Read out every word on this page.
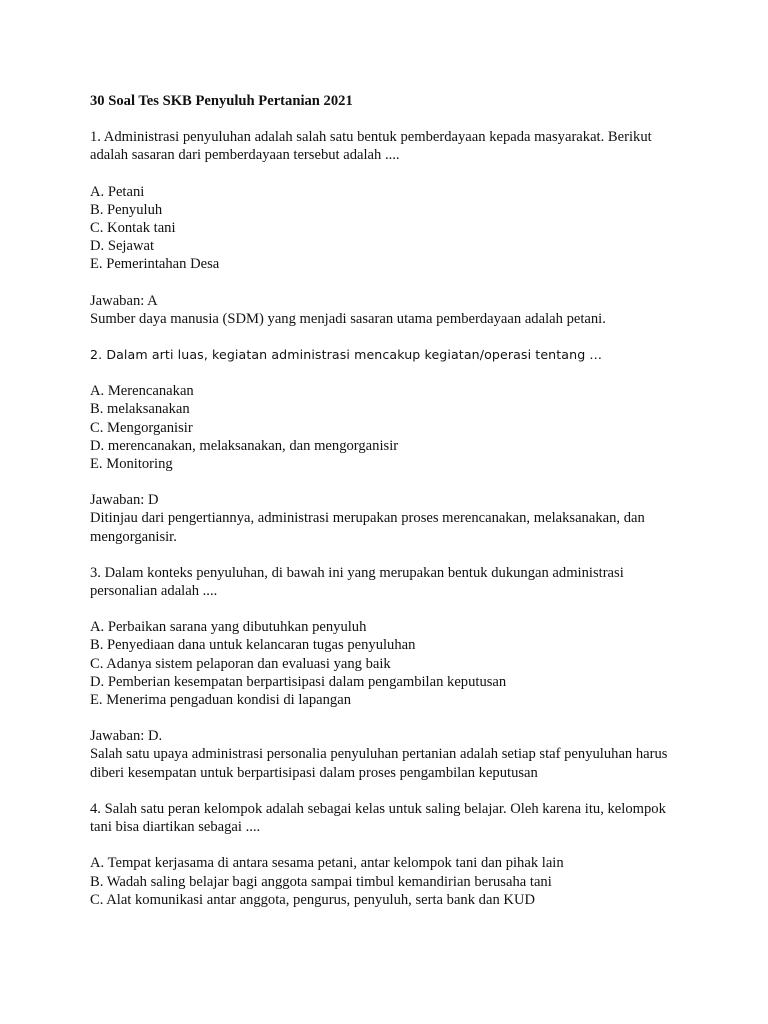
30 Soal Tes SKB Penyuluh Pertanian 2021

1. Administrasi penyuluhan adalah salah satu bentuk pemberdayaan kepada masyarakat. Berikut adalah sasaran dari pemberdayaan tersebut adalah ....

A. Petani

B. Penyuluh

C. Kontak tani

D. Sejawat

E. Pemerintahan Desa

Jawaban: A

Sumber daya manusia (SDM) yang menjadi sasaran utama pemberdayaan adalah petani.

2. Dalam arti luas, kegiatan administrasi mencakup kegiatan/operasi tentang …

A. Merencanakan

B. melaksanakan

C. Mengorganisir

D. merencanakan, melaksanakan, dan mengorganisir

E. Monitoring

Jawaban: D

Ditinjau dari pengertiannya, administrasi merupakan proses merencanakan, melaksanakan, dan mengorganisir.

3. Dalam konteks penyuluhan, di bawah ini yang merupakan bentuk dukungan administrasi personalian adalah ....

A. Perbaikan sarana yang dibutuhkan penyuluh

B. Penyediaan dana untuk kelancaran tugas penyuluhan

C. Adanya sistem pelaporan dan evaluasi yang baik

D. Pemberian kesempatan berpartisipasi dalam pengambilan keputusan

E. Menerima pengaduan kondisi di lapangan

Jawaban: D.

Salah satu upaya administrasi personalia penyuluhan pertanian adalah setiap staf penyuluhan harus diberi kesempatan untuk berpartisipasi dalam proses pengambilan keputusan

4. Salah satu peran kelompok adalah sebagai kelas untuk saling belajar. Oleh karena itu, kelompok tani bisa diartikan sebagai ....

A. Tempat kerjasama di antara sesama petani, antar kelompok tani dan pihak lain

B. Wadah saling belajar bagi anggota sampai timbul kemandirian berusaha tani

C. Alat komunikasi antar anggota, pengurus, penyuluh, serta bank dan KUD
